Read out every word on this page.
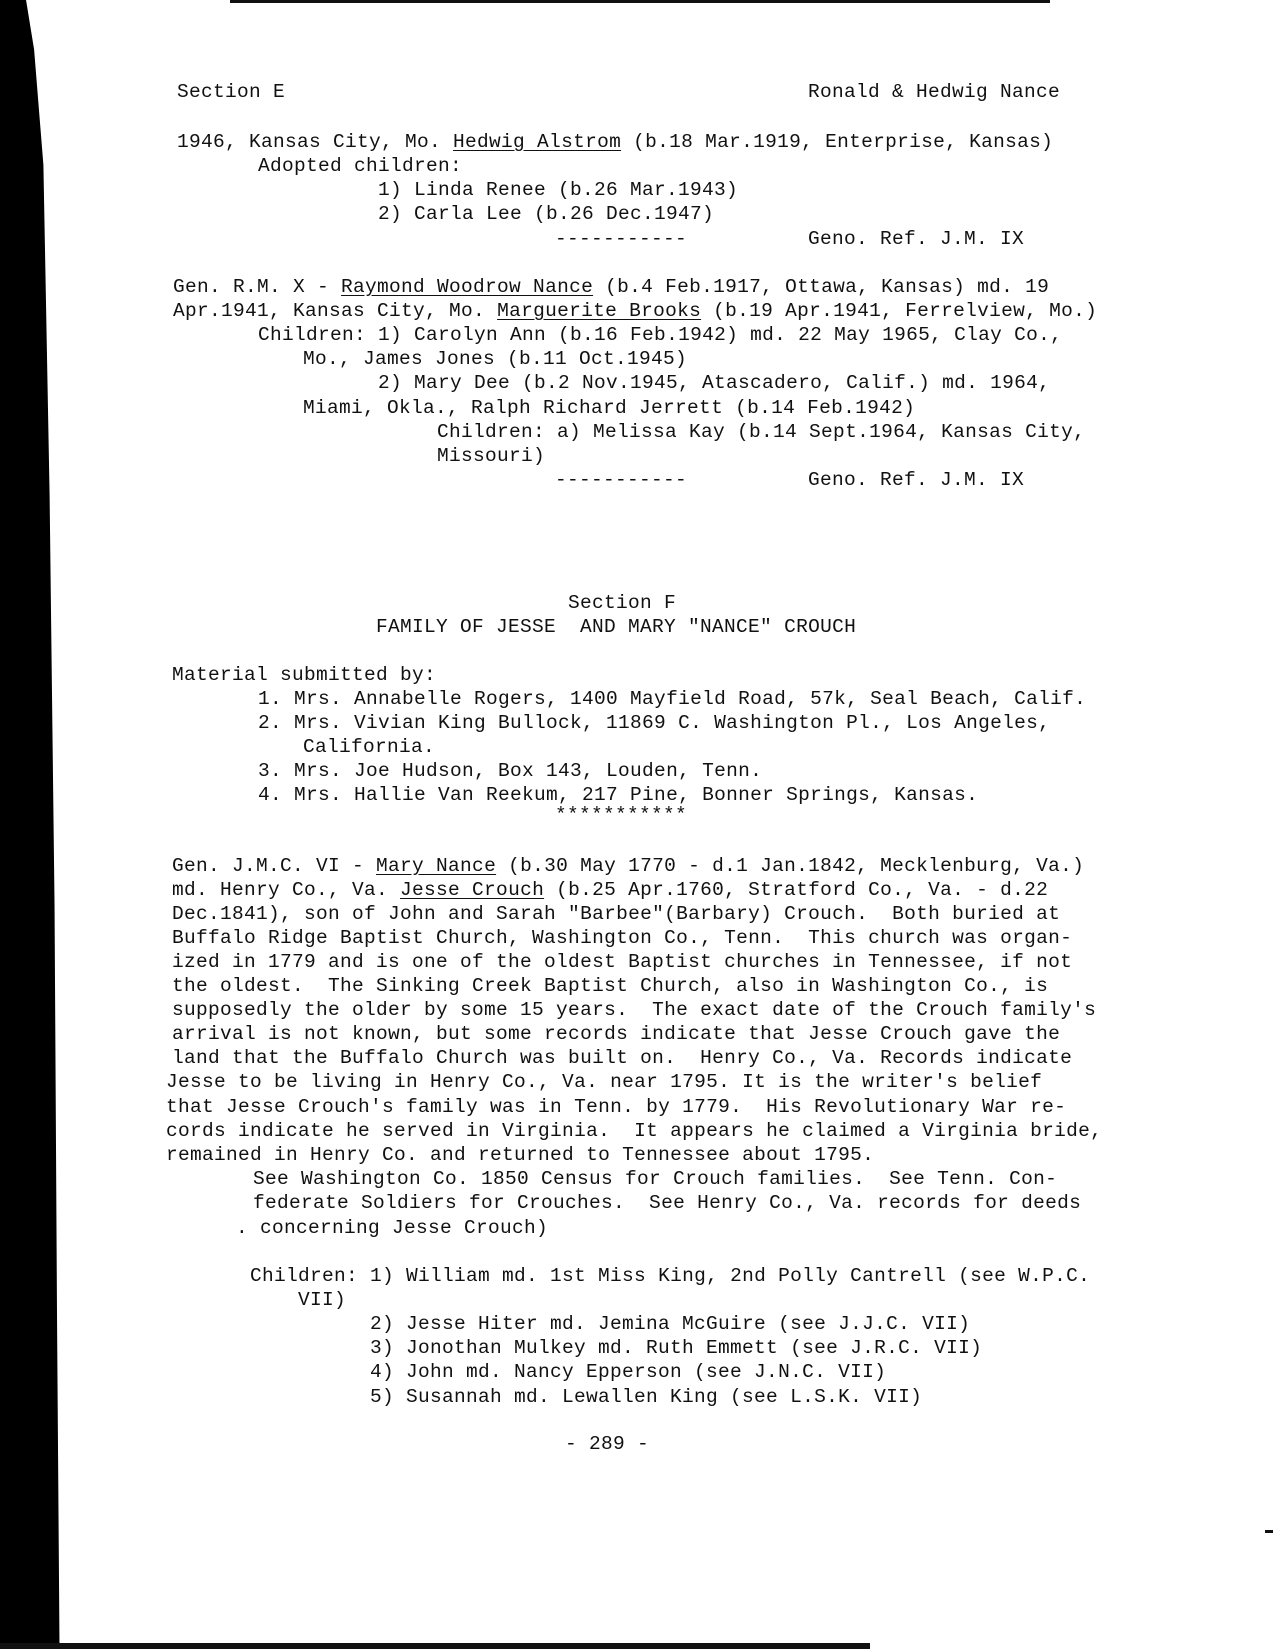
Section E	Ronald & Hedwig Nance
1946, Kansas City, Mo. Hedwig Alstrom (b.18 Mar.1919, Enterprise, Kansas)
Adopted children:
1) Linda Renee (b.26 Mar.1943)
2) Carla Lee (b.26 Dec.1947)
-----------	Geno. Ref. J.M. IX
Gen. R.M. X - Raymond Woodrow Nance (b.4 Feb.1917, Ottawa, Kansas) md. 19
Apr.1941, Kansas City, Mo. Marguerite Brooks (b.19 Apr.1941, Ferrelview, Mo.)
Children: 1) Carolyn Ann (b.16 Feb.1942) md. 22 May 1965, Clay Co.,
Mo., James Jones (b.11 Oct.1945)
2) Mary Dee (b.2 Nov.1945, Atascadero, Calif.) md. 1964,
Miami, Okla., Ralph Richard Jerrett (b.14 Feb.1942)
Children: a) Melissa Kay (b.14 Sept.1964, Kansas City,
Missouri)
-----------	Geno. Ref. J.M. IX
Section F
FAMILY OF JESSE  AND MARY "NANCE" CROUCH
Material submitted by:
1. Mrs. Annabelle Rogers, 1400 Mayfield Road, 57k, Seal Beach, Calif.
2. Mrs. Vivian King Bullock, 11869 C. Washington Pl., Los Angeles,
California.
3. Mrs. Joe Hudson, Box 143, Louden, Tenn.
4. Mrs. Hallie Van Reekum, 217 Pine, Bonner Springs, Kansas.
***********
Gen. J.M.C. VI - Mary Nance (b.30 May 1770 - d.1 Jan.1842, Mecklenburg, Va.)
md. Henry Co., Va. Jesse Crouch (b.25 Apr.1760, Stratford Co., Va. - d.22
Dec.1841), son of John and Sarah "Barbee"(Barbary) Crouch.  Both buried at
Buffalo Ridge Baptist Church, Washington Co., Tenn.  This church was organ-
ized in 1779 and is one of the oldest Baptist churches in Tennessee, if not
the oldest.  The Sinking Creek Baptist Church, also in Washington Co., is
supposedly the older by some 15 years.  The exact date of the Crouch family's
arrival is not known, but some records indicate that Jesse Crouch gave the
land that the Buffalo Church was built on.  Henry Co., Va. Records indicate
Jesse to be living in Henry Co., Va. near 1795. It is the writer's belief
that Jesse Crouch's family was in Tenn. by 1779.  His Revolutionary War re-
cords indicate he served in Virginia.  It appears he claimed a Virginia bride,
remained in Henry Co. and returned to Tennessee about 1795.
See Washington Co. 1850 Census for Crouch families.  See Tenn. Con-
federate Soldiers for Crouches.  See Henry Co., Va. records for deeds
. concerning Jesse Crouch)
Children: 1) William md. 1st Miss King, 2nd Polly Cantrell (see W.P.C.
VII)
2) Jesse Hiter md. Jemina McGuire (see J.J.C. VII)
3) Jonothan Mulkey md. Ruth Emmett (see J.R.C. VII)
4) John md. Nancy Epperson (see J.N.C. VII)
5) Susannah md. Lewallen King (see L.S.K. VII)
- 289 -
